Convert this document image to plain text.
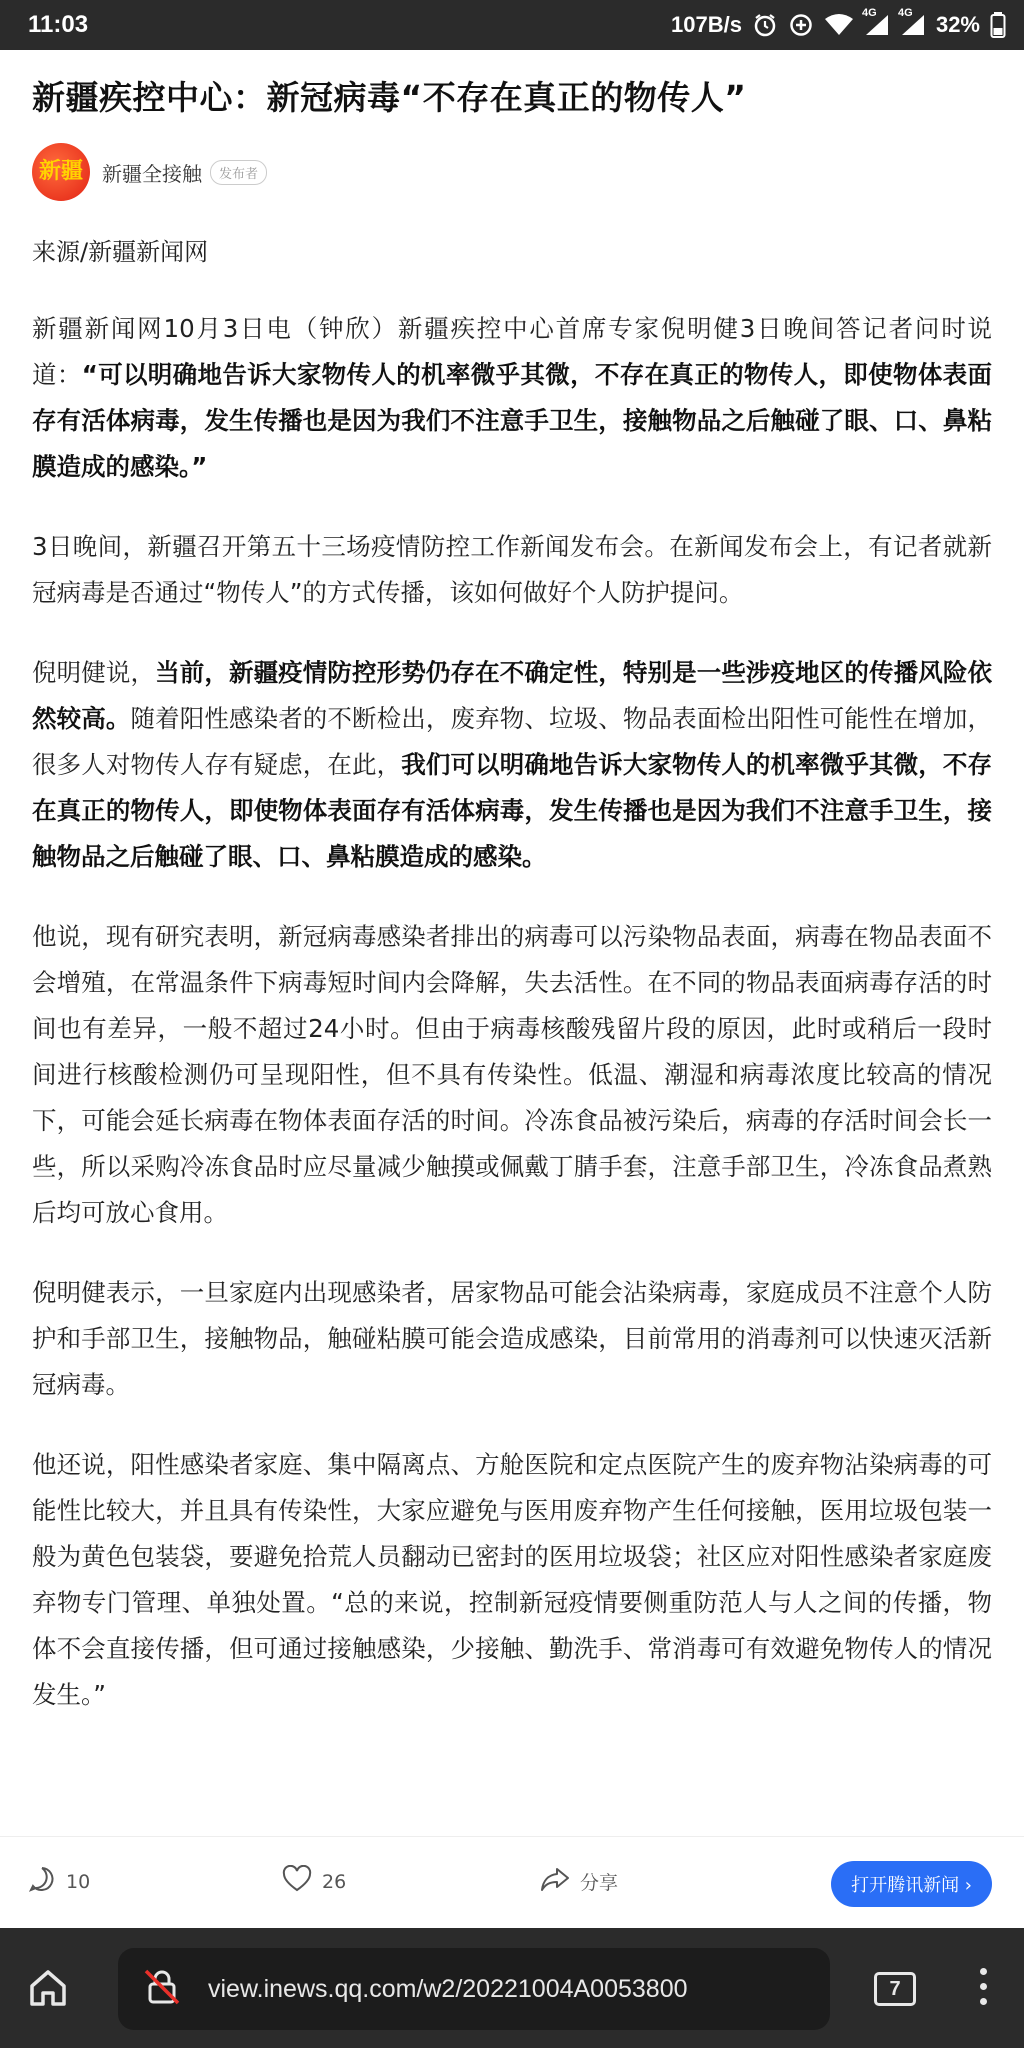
11:03	107B/s	4G 4G 32%
新疆疾控中心：新冠病毒“不存在真正的物传人”
新疆 新疆全接触	发布者

来源/新疆新闻网

新疆新闻网10月3日电（钟欣）新疆疾控中心首席专家倪明健3日晚间答记者问时说道：“可以明确地告诉大家物传人的机率微乎其微，不存在真正的物传人，即使物体表面存有活体病毒，发生传播也是因为我们不注意手卫生，接触物品之后触碰了眼、口、鼻粘膜造成的感染。”

3日晚间，新疆召开第五十三场疫情防控工作新闻发布会。在新闻发布会上，有记者就新冠病毒是否通过“物传人”的方式传播，该如何做好个人防护提问。

倪明健说，当前，新疆疫情防控形势仍存在不确定性，特别是一些涉疫地区的传播风险依然较高。随着阳性感染者的不断检出，废弃物、垃圾、物品表面检出阳性可能性在增加，很多人对物传人存有疑虑，在此，我们可以明确地告诉大家物传人的机率微乎其微，不存在真正的物传人，即使物体表面存有活体病毒，发生传播也是因为我们不注意手卫生，接触物品之后触碰了眼、口、鼻粘膜造成的感染。

他说，现有研究表明，新冠病毒感染者排出的病毒可以污染物品表面，病毒在物品表面不会增殖，在常温条件下病毒短时间内会降解，失去活性。在不同的物品表面病毒存活的时间也有差异，一般不超过24小时。但由于病毒核酸残留片段的原因，此时或稍后一段时间进行核酸检测仍可呈现阳性，但不具有传染性。低温、潮湿和病毒浓度比较高的情况下，可能会延长病毒在物体表面存活的时间。冷冻食品被污染后，病毒的存活时间会长一些，所以采购冷冻食品时应尽量减少触摸或佩戴丁腈手套，注意手部卫生，冷冻食品煮熟后均可放心食用。

倪明健表示，一旦家庭内出现感染者，居家物品可能会沾染病毒，家庭成员不注意个人防护和手部卫生，接触物品，触碰粘膜可能会造成感染，目前常用的消毒剂可以快速灭活新冠病毒。

他还说，阳性感染者家庭、集中隔离点、方舱医院和定点医院产生的废弃物沾染病毒的可能性比较大，并且具有传染性，大家应避免与医用废弃物产生任何接触，医用垃圾包装一般为黄色包装袋，要避免拾荒人员翻动已密封的医用垃圾袋；社区应对阳性感染者家庭废弃物专门管理、单独处置。“总的来说，控制新冠疫情要侧重防范人与人之间的传播，物体不会直接传播，但可通过接触感染，少接触、勤洗手、常消毒可有效避免物传人的情况发生。”

10	26	分享	打开腾讯新闻 ›
view.inews.qq.com/w2/20221004A0053800	7
